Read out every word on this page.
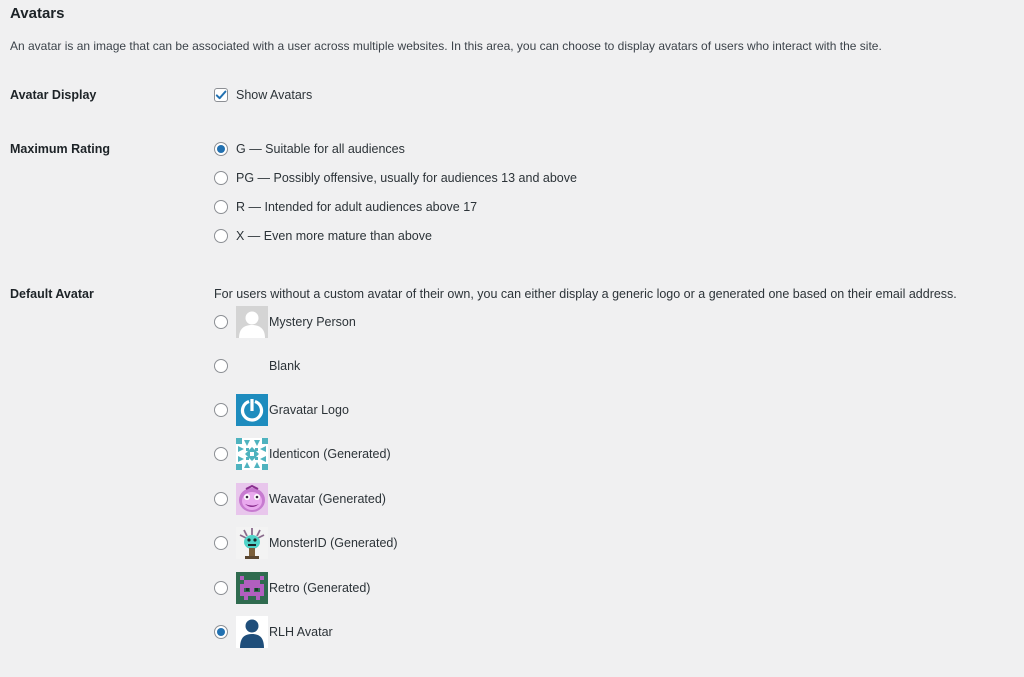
Avatars

An avatar is an image that can be associated with a user across multiple websites. In this area, you can choose to display avatars of users who interact with the site.

Avatar Display	Show Avatars
Maximum Rating	G — Suitable for all audiences
PG — Possibly offensive, usually for audiences 13 and above
R — Intended for adult audiences above 17
X — Even more mature than above
Default Avatar	For users without a custom avatar of their own, you can either display a generic logo or a generated one based on their email address.

Mystery Person
Blank
Gravatar Logo
Identicon (Generated)
Wavatar (Generated)
MonsterID (Generated)
Retro (Generated)
RLH Avatar
